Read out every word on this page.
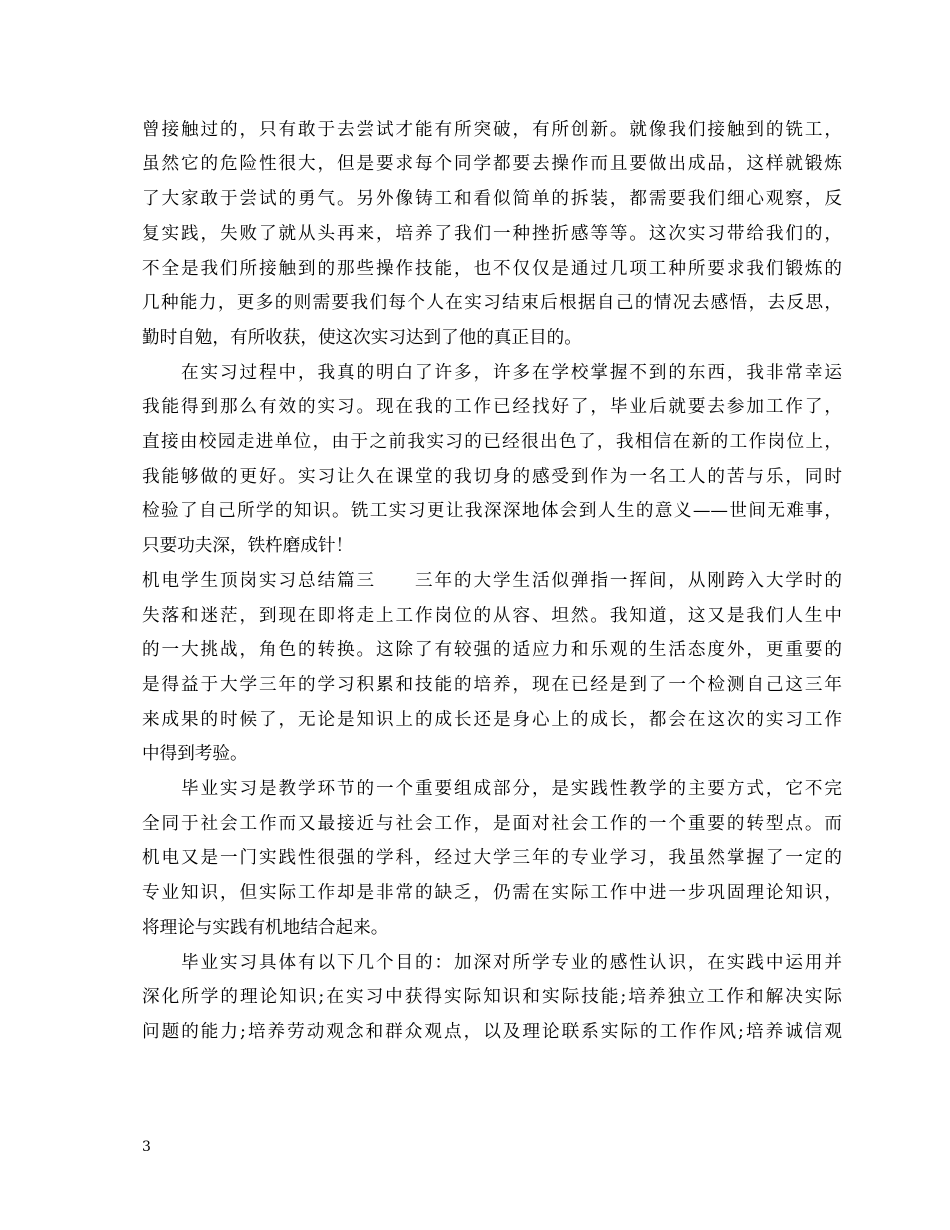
曾接触过的，只有敢于去尝试才能有所突破，有所创新。就像我们接触到的铣工，
虽然它的危险性很大，但是要求每个同学都要去操作而且要做出成品，这样就锻炼
了大家敢于尝试的勇气。另外像铸工和看似简单的拆装，都需要我们细心观察，反
复实践，失败了就从头再来，培养了我们一种挫折感等等。这次实习带给我们的，
不全是我们所接触到的那些操作技能，也不仅仅是通过几项工种所要求我们锻炼的
几种能力，更多的则需要我们每个人在实习结束后根据自己的情况去感悟，去反思，
勤时自勉，有所收获，使这次实习达到了他的真正目的。
　　在实习过程中，我真的明白了许多，许多在学校掌握不到的东西，我非常幸运
我能得到那么有效的实习。现在我的工作已经找好了，毕业后就要去参加工作了，
直接由校园走进单位，由于之前我实习的已经很出色了，我相信在新的工作岗位上，
我能够做的更好。实习让久在课堂的我切身的感受到作为一名工人的苦与乐，同时
检验了自己所学的知识。铣工实习更让我深深地体会到人生的意义——世间无难事，
只要功夫深，铁杵磨成针！
机电学生顶岗实习总结篇三　　三年的大学生活似弹指一挥间，从刚跨入大学时的
失落和迷茫，到现在即将走上工作岗位的从容、坦然。我知道，这又是我们人生中
的一大挑战，角色的转换。这除了有较强的适应力和乐观的生活态度外，更重要的
是得益于大学三年的学习积累和技能的培养，现在已经是到了一个检测自己这三年
来成果的时候了，无论是知识上的成长还是身心上的成长，都会在这次的实习工作
中得到考验。
　　毕业实习是教学环节的一个重要组成部分，是实践性教学的主要方式，它不完
全同于社会工作而又最接近与社会工作，是面对社会工作的一个重要的转型点。而
机电又是一门实践性很强的学科，经过大学三年的专业学习，我虽然掌握了一定的
专业知识，但实际工作却是非常的缺乏，仍需在实际工作中进一步巩固理论知识，
将理论与实践有机地结合起来。
　　毕业实习具体有以下几个目的：加深对所学专业的感性认识，在实践中运用并
深化所学的理论知识;在实习中获得实际知识和实际技能;培养独立工作和解决实际
问题的能力;培养劳动观念和群众观点，以及理论联系实际的工作作风;培养诚信观
3
